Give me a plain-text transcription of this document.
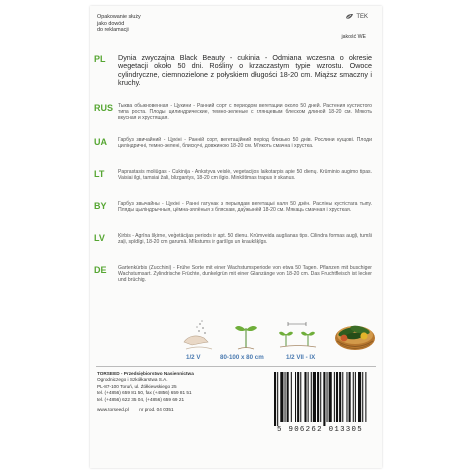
Opakowanie służy
jako dowód
do reklamacji
TEK
jakość WE
PL Dynia zwyczajna Black Beauty - cukinia - Odmiana wczesna o okresie wegetacji około 50 dni. Rośliny o krzaczastym typie wzrostu. Owoce cylindryczne, ciemnozielone z połyskiem długości 18-20 cm. Miąższ smaczny i kruchy.
RUS Тыква обыкновенная - Цукини - Ранний сорт с периодом вегетации около 50 дней. Растения кустистого типа роста. Плоды цилиндрические, темно-зеленые с глянцевым блеском длиной 18-20 см. Мякоть вкусная и хрустящая.
UA Гарбуз звичайний - Цукіні - Ранній сорт, вегетаційний період близько 50 днів. Рослини кущові. Плоди циліндричні, темно-зелені, блискучі, довжиною 18-20 см. М'якоть смачна і хрустка.
LT	Paprastasis moliūgas - Cukinija - Ankstyva veislė, vegetacijos laikotarpis apie 50 dienų. Krūminio augimo tipas. Vaisiai ilgi, tamsiai žali, blizgantys, 18-20 cm ilgio. Minkštimas trapus ir skanus.
BY Гарбуз звычайны - Цукіні - Ранні гатунак з перыядам вегетацыі каля 50 дзён. Расліны кустістага тыпу. Пляды цыліндрычныя, цёмна-зялёныя з бляскам, даўжынёй 18-20 см. Мякаць смачная і хрусткая.
LV	Ķirbis - Agrīna šķirne, veģetācijas periods ir apt. 50 dienu. Krūmveida augšanas tips. Cilindra formas augļi, tumši zaļi, spīdīgi, 18-20 cm garumā. Mīkstums ir garšīgs un kraukšķīgs.
DE Gartenkürbis (Zucchini) - Frühe Sorte mit einer Wachstumsperiode von etwa 50 Tagen. Pflanzen mit buschiger Wachstumsart. Zylindrische Früchte, dunkelgrün mit einer Glanzänge von 18-20 cm. Das Fruchtfleisch ist lecker und brüchig.
1/2 V	80-100 x 80 cm	1/2 VII - IX
TORSEED - Przedsiębiorstwo Nasiennictwa
Ogrodniczego i Szkółkarstwa S.A.
PL-87-100 Toruń, ul. Żółkiewskiego 25
tel. (+4856) 659 81 50, fax (+4856) 659 81 51
tel. (+4856) 622 35 04, (+4856) 659 69 21
www.torseed.pl nr prod. 04 0351
5 906262 013305
